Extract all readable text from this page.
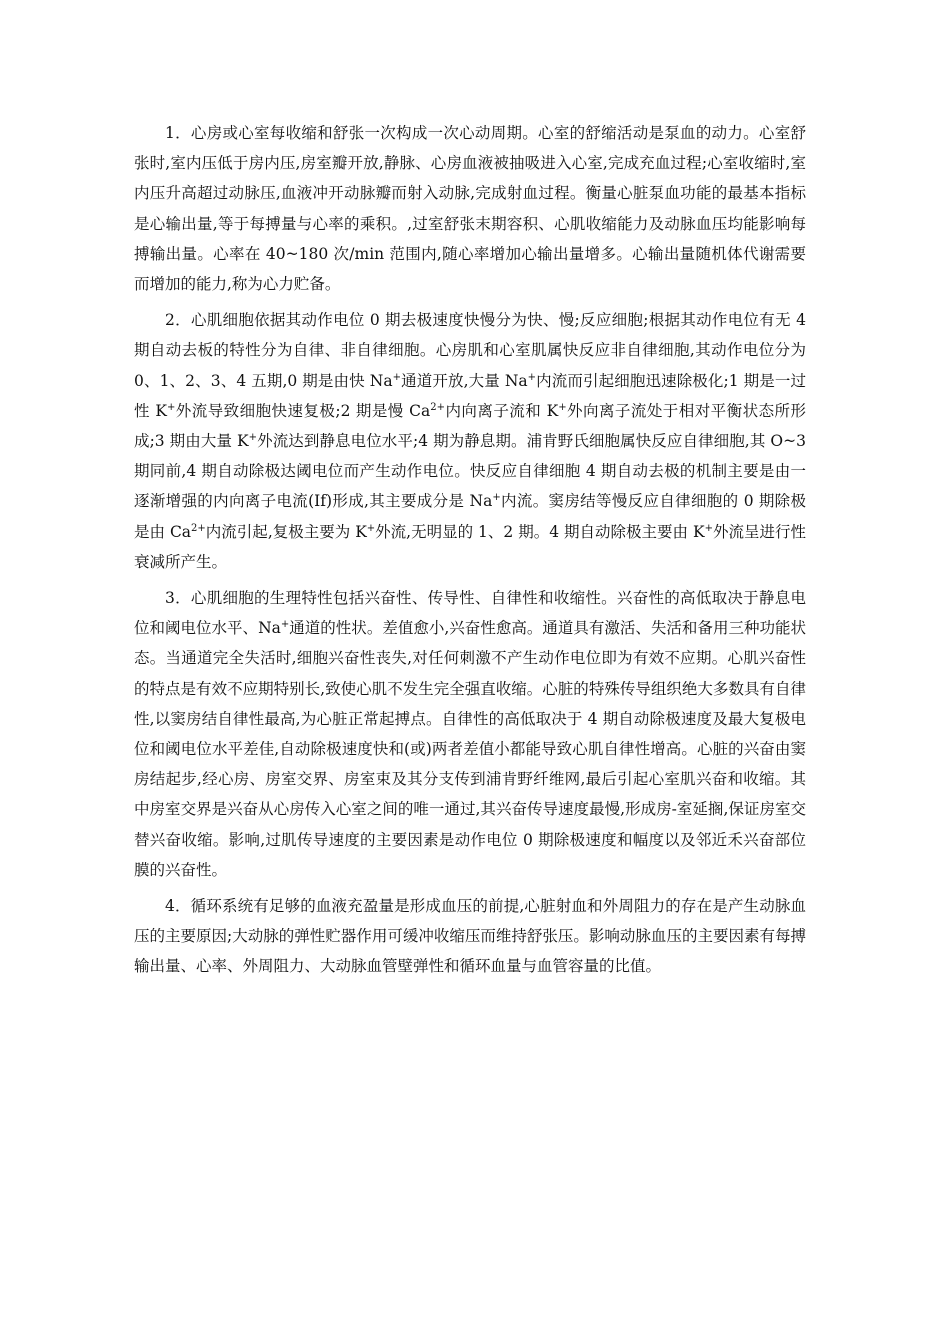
1．心房或心室每收缩和舒张一次构成一次心动周期。心室的舒缩活动是泵血的动力。心室舒张时,室内压低于房内压,房室瓣开放,静脉、心房血液被抽吸进入心室,完成充血过程;心室收缩时,室内压升高超过动脉压,血液冲开动脉瓣而射入动脉,完成射血过程。衡量心脏泵血功能的最基本指标是心输出量,等于每搏量与心率的乘积。,过室舒张末期容积、心肌收缩能力及动脉血压均能影响每搏输出量。心率在 40~180 次/min 范围内,随心率增加心输出量增多。心输出量随机体代谢需要而增加的能力,称为心力贮备。

2．心肌细胞依据其动作电位 0 期去极速度快慢分为快、慢;反应细胞;根据其动作电位有无 4 期自动去板的特性分为自律、非自律细胞。心房肌和心室肌属快反应非自律细胞,其动作电位分为 0、1、2、3、4 五期,0 期是由快 Na+通道开放,大量 Na+内流而引起细胞迅速除极化;1 期是一过性 K+外流导致细胞快速复极;2 期是慢 $Ca^{2+}$内向离子流和 K+外向离子流处于相对平衡状态所形成;3 期由大量 K+外流达到静息电位水平;4 期为静息期。浦肯野氏细胞属快反应自律细胞,其 O~3 期同前,4 期自动除极达阈电位而产生动作电位。快反应自律细胞 4 期自动去极的机制主要是由一逐渐增强的内向离子电流(If)形成,其主要成分是 Na+内流。窦房结等慢反应自律细胞的 0 期除极是由 $Ca^{2+}$内流引起,复极主要为 K+外流,无明显的 1、2 期。4 期自动除极主要由 K+外流呈进行性衰减所产生。

3．心肌细胞的生理特性包括兴奋性、传导性、自律性和收缩性。兴奋性的高低取决于静息电位和阈电位水平、Na+通道的性状。差值愈小,兴奋性愈高。通道具有激活、失活和备用三种功能状态。当通道完全失活时,细胞兴奋性丧失,对任何刺激不产生动作电位即为有效不应期。心肌兴奋性的特点是有效不应期特别长,致使心肌不发生完全强直收缩。心脏的特殊传导组织绝大多数具有自律性,以窦房结自律性最高,为心脏正常起搏点。自律性的高低取决于 4 期自动除极速度及最大复极电位和阈电位水平差佳,自动除极速度快和(或)两者差值小都能导致心肌自律性增高。心脏的兴奋由窦房结起步,经心房、房室交界、房室束及其分支传到浦肯野纤维网,最后引起心室肌兴奋和收缩。其中房室交界是兴奋从心房传入心室之间的唯一通过,其兴奋传导速度最慢,形成房-室延搁,保证房室交替兴奋收缩。影响,过肌传导速度的主要因素是动作电位 0 期除极速度和幅度以及邻近禾兴奋部位膜的兴奋性。

4．循环系统有足够的血液充盈量是形成血压的前提,心脏射血和外周阻力的存在是产生动脉血压的主要原因;大动脉的弹性贮器作用可缓冲收缩压而维持舒张压。影响动脉血压的主要因素有每搏输出量、心率、外周阻力、大动脉血管壁弹性和循环血量与血管容量的比值。
